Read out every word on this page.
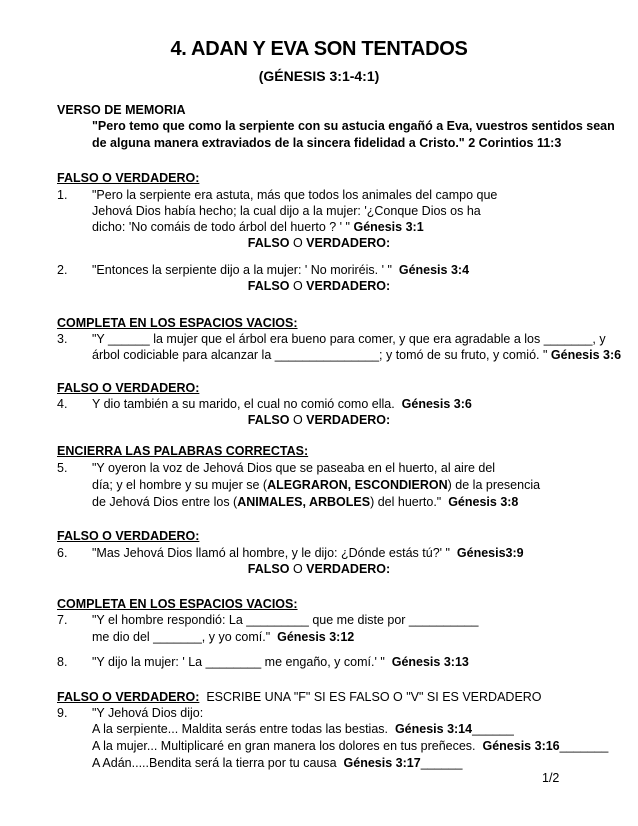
4. ADAN Y EVA SON TENTADOS
(GÉNESIS 3:1-4:1)
VERSO DE MEMORIA
"Pero temo que como la serpiente con su astucia engañó a Eva, vuestros sentidos sean
de alguna manera extraviados de la sincera fidelidad a Cristo." 2 Corintios 11:3
FALSO O VERDADERO:
1. "Pero la serpiente era astuta, más que todos los animales del campo que
Jehová Dios había hecho; la cual dijo a la mujer: '¿Conque Dios os ha
dicho: 'No comáis de todo árbol del huerto ? ' " Génesis 3:1
FALSO O VERDADERO:
2. "Entonces la serpiente dijo a la mujer: ' No moriréis. ' " Génesis 3:4
FALSO O VERDADERO:
COMPLETA EN LOS ESPACIOS VACIOS:
3. "Y ______ la mujer que el árbol era bueno para comer, y que era agradable a los _______, y
árbol codiciable para alcanzar la _______________; y tomó de su fruto, y comió. " Génesis 3:6
FALSO O VERDADERO:
4. Y dio también a su marido, el cual no comió como ella. Génesis 3:6
FALSO O VERDADERO:
ENCIERRA LAS PALABRAS CORRECTAS:
5. "Y oyeron la voz de Jehová Dios que se paseaba en el huerto, al aire del
día; y el hombre y su mujer se (ALEGRARON, ESCONDIERON) de la presencia
de Jehová Dios entre los (ANIMALES, ARBOLES) del huerto." Génesis 3:8
FALSO O VERDADERO:
6. "Mas Jehová Dios llamó al hombre, y le dijo: ¿Dónde estás tú?' " Génesis3:9
FALSO O VERDADERO:
COMPLETA EN LOS ESPACIOS VACIOS:
7. "Y el hombre respondió: La _________ que me diste por __________
me dio del _______, y yo comí." Génesis 3:12
8. "Y dijo la mujer: ' La ________ me engaño, y comí.' " Génesis 3:13
FALSO O VERDADERO: ESCRIBE UNA "F" SI ES FALSO O "V" SI ES VERDADERO
9. "Y Jehová Dios dijo:
A la serpiente... Maldita serás entre todas las bestias. Génesis 3:14______
A la mujer... Multiplicaré en gran manera los dolores en tus preñeces. Génesis 3:16_______
A Adán.....Bendita será la tierra por tu causa Génesis 3:17______
1/2
